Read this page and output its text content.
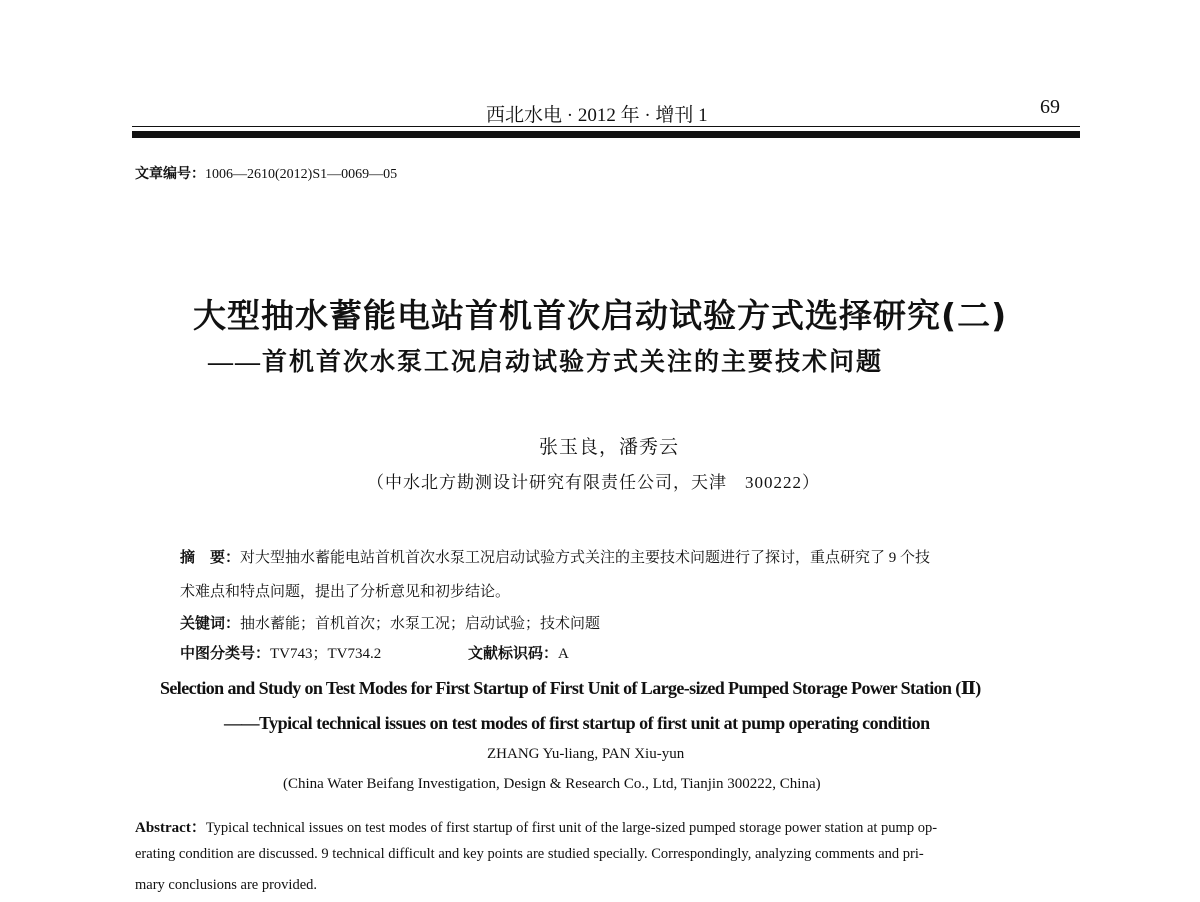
西北水电 · 2012 年 · 增刊 1	69
文章编号：1006—2610(2012)S1—0069—05
大型抽水蓄能电站首机首次启动试验方式选择研究(二)
——首机首次水泵工况启动试验方式关注的主要技术问题
张玉良，潘秀云
（中水北方勘测设计研究有限责任公司，天津　300222）
摘　要：对大型抽水蓄能电站首机首次水泵工况启动试验方式关注的主要技术问题进行了探讨，重点研究了 9 个技
术难点和特点问题，提出了分析意见和初步结论。
关键词：抽水蓄能；首机首次；水泵工况；启动试验；技术问题
中图分类号：TV743；TV734.2	文献标识码：A
Selection and Study on Test Modes for First Startup of First Unit of Large-sized Pumped Storage Power Station (Ⅱ)
——Typical technical issues on test modes of first startup of first unit at pump operating condition
ZHANG Yu-liang, PAN Xiu-yun
(China Water Beifang Investigation, Design & Research Co., Ltd, Tianjin 300222, China)
Abstract：Typical technical issues on test modes of first startup of first unit of the large-sized pumped storage power station at pump op-
erating condition are discussed. 9 technical difficult and key points are studied specially. Correspondingly, analyzing comments and pri-
mary conclusions are provided.
